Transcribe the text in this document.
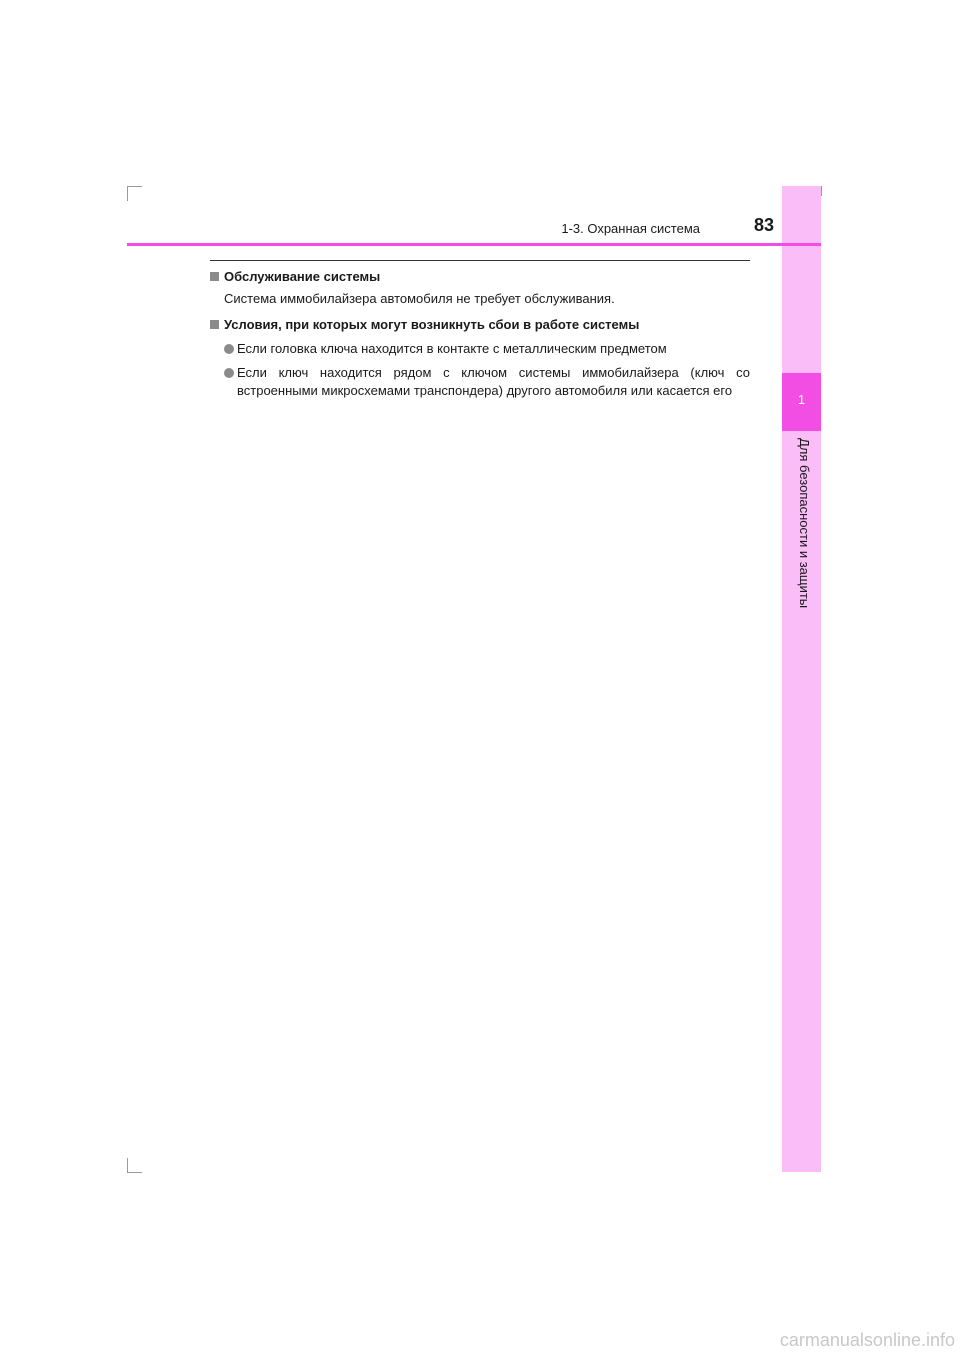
1
Для безопасности и защиты
1-3. Охранная система	83
Обслуживание системы

Система иммобилайзера автомобиля не требует обслуживания.

Условия, при которых могут возникнуть сбои в работе системы

Если головка ключа находится в контакте с металлическим предметом

Если ключ находится рядом с ключом системы иммобилайзера (ключ со встроенными микросхемами транспондера) другого автомобиля или касается его

carmanualsonline.info
